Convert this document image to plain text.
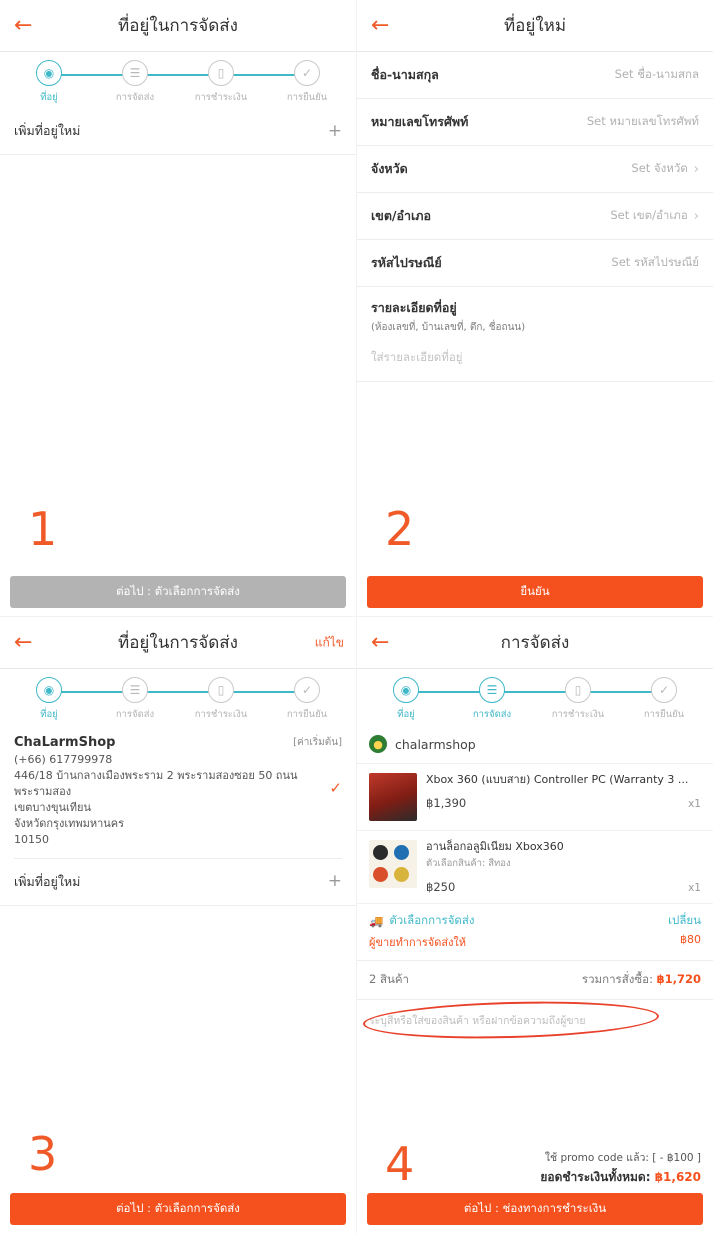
←	ที่อยู่ในการจัดส่ง
◉
ที่อยู่
☰
การจัดส่ง
▯
การชำระเงิน
✓
การยืนยัน
เพิ่มที่อยู่ใหม่	+
1
ต่อไป : ตัวเลือกการจัดส่ง
←	ที่อยู่ใหม่
ชื่อ-นามสกุล	Set ชื่อ-นามสกล
หมายเลขโทรศัพท์	Set หมายเลขโทรศัพท์
จังหวัด	Set จังหวัด ›
เขต/อำเภอ	Set เขต/อำเภอ ›
รหัสไปรษณีย์	Set รหัสไปรษณีย์
รายละเอียดที่อยู่
(ห้องเลขที่, บ้านเลขที่, ตึก, ชื่อถนน)
ใส่รายละเอียดที่อยู่
2
ยืนยัน
←	ที่อยู่ในการจัดส่ง	แก้ไข
◉
ที่อยู่
☰
การจัดส่ง
▯
การชำระเงิน
✓
การยืนยัน
ChaLarmShop	[ค่าเริ่มต้น]
(+66) 617799978
446/18 บ้านกลางเมืองพระราม 2 พระรามสองซอย 50 ถนนพระรามสอง
เขตบางขุนเทียน
จังหวัดกรุงเทพมหานคร
10150
✓
เพิ่มที่อยู่ใหม่	+
3
ต่อไป : ตัวเลือกการจัดส่ง
←	การจัดส่ง
◉
ที่อยู่
☰
การจัดส่ง
▯
การชำระเงิน
✓
การยืนยัน
● chalarmshop
Xbox 360 (แบบสาย) Controller PC (Warranty 3 ...
฿1,390	x1
อานล็อกอลูมิเนียม Xbox360
ตัวเลือกสินค้า: สีทอง
฿250	x1
🚚 ตัวเลือกการจัดส่ง	เปลี่ยน
ผู้ขายทำการจัดส่งให้	฿80
2 สินค้า	รวมการสั่งซื้อ: ฿1,720
ระบุสีหรือใส่ของสินค้า หรือฝากข้อความถึงผู้ขาย
4	ใช้ promo code แล้ว: [ - ฿100 ]
ยอดชำระเงินทั้งหมด: ฿1,620
ต่อไป : ช่องทางการชำระเงิน
